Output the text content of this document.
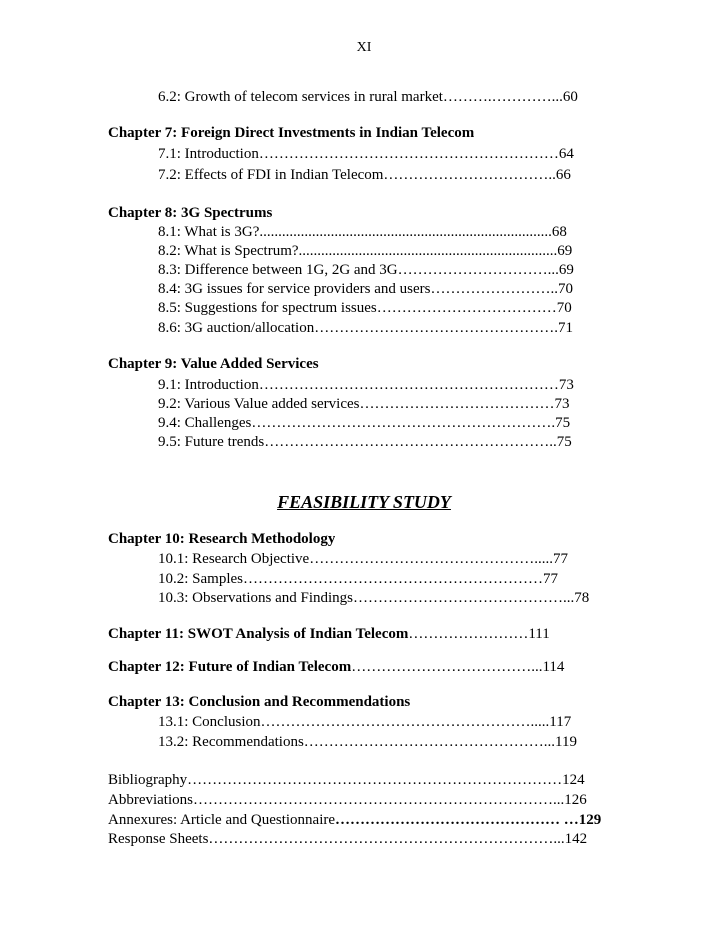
XI
6.2: Growth of telecom services in rural market……….…………...60
Chapter 7: Foreign Direct Investments in Indian Telecom
7.1: Introduction……………………………………………………64
7.2: Effects of FDI in Indian Telecom……………………………..66
Chapter 8: 3G Spectrums
8.1: What is 3G?..............................................................................68
8.2: What is Spectrum?.....................................................................69
8.3: Difference between 1G, 2G and 3G…………………………...69
8.4: 3G issues for service providers and users……………………..70
8.5: Suggestions for spectrum issues………………………………70
8.6: 3G auction/allocation………………………………………….71
Chapter 9: Value Added Services
9.1: Introduction……………………………………………………73
9.2: Various Value added services…………………………………73
9.4: Challenges…………………………………………………….75
9.5: Future trends…………………………………………………..75
FEASIBILITY STUDY
Chapter 10: Research Methodology
10.1: Research Objective……………………………………….....77
10.2: Samples……………………………………………………77
10.3: Observations and Findings……………………………………...78
Chapter 11: SWOT Analysis of Indian Telecom……………………111
Chapter 12: Future of Indian Telecom………………………………...114
Chapter 13: Conclusion and Recommendations
13.1: Conclusion……………………………………………….....117
13.2: Recommendations…………………………………………...119
Bibliography…………………………………………………………………124
Abbreviations………………………………………………………………...126
Annexures: Article and Questionnaire……………………………………… …129
Response Sheets……………………………………………………………...142
